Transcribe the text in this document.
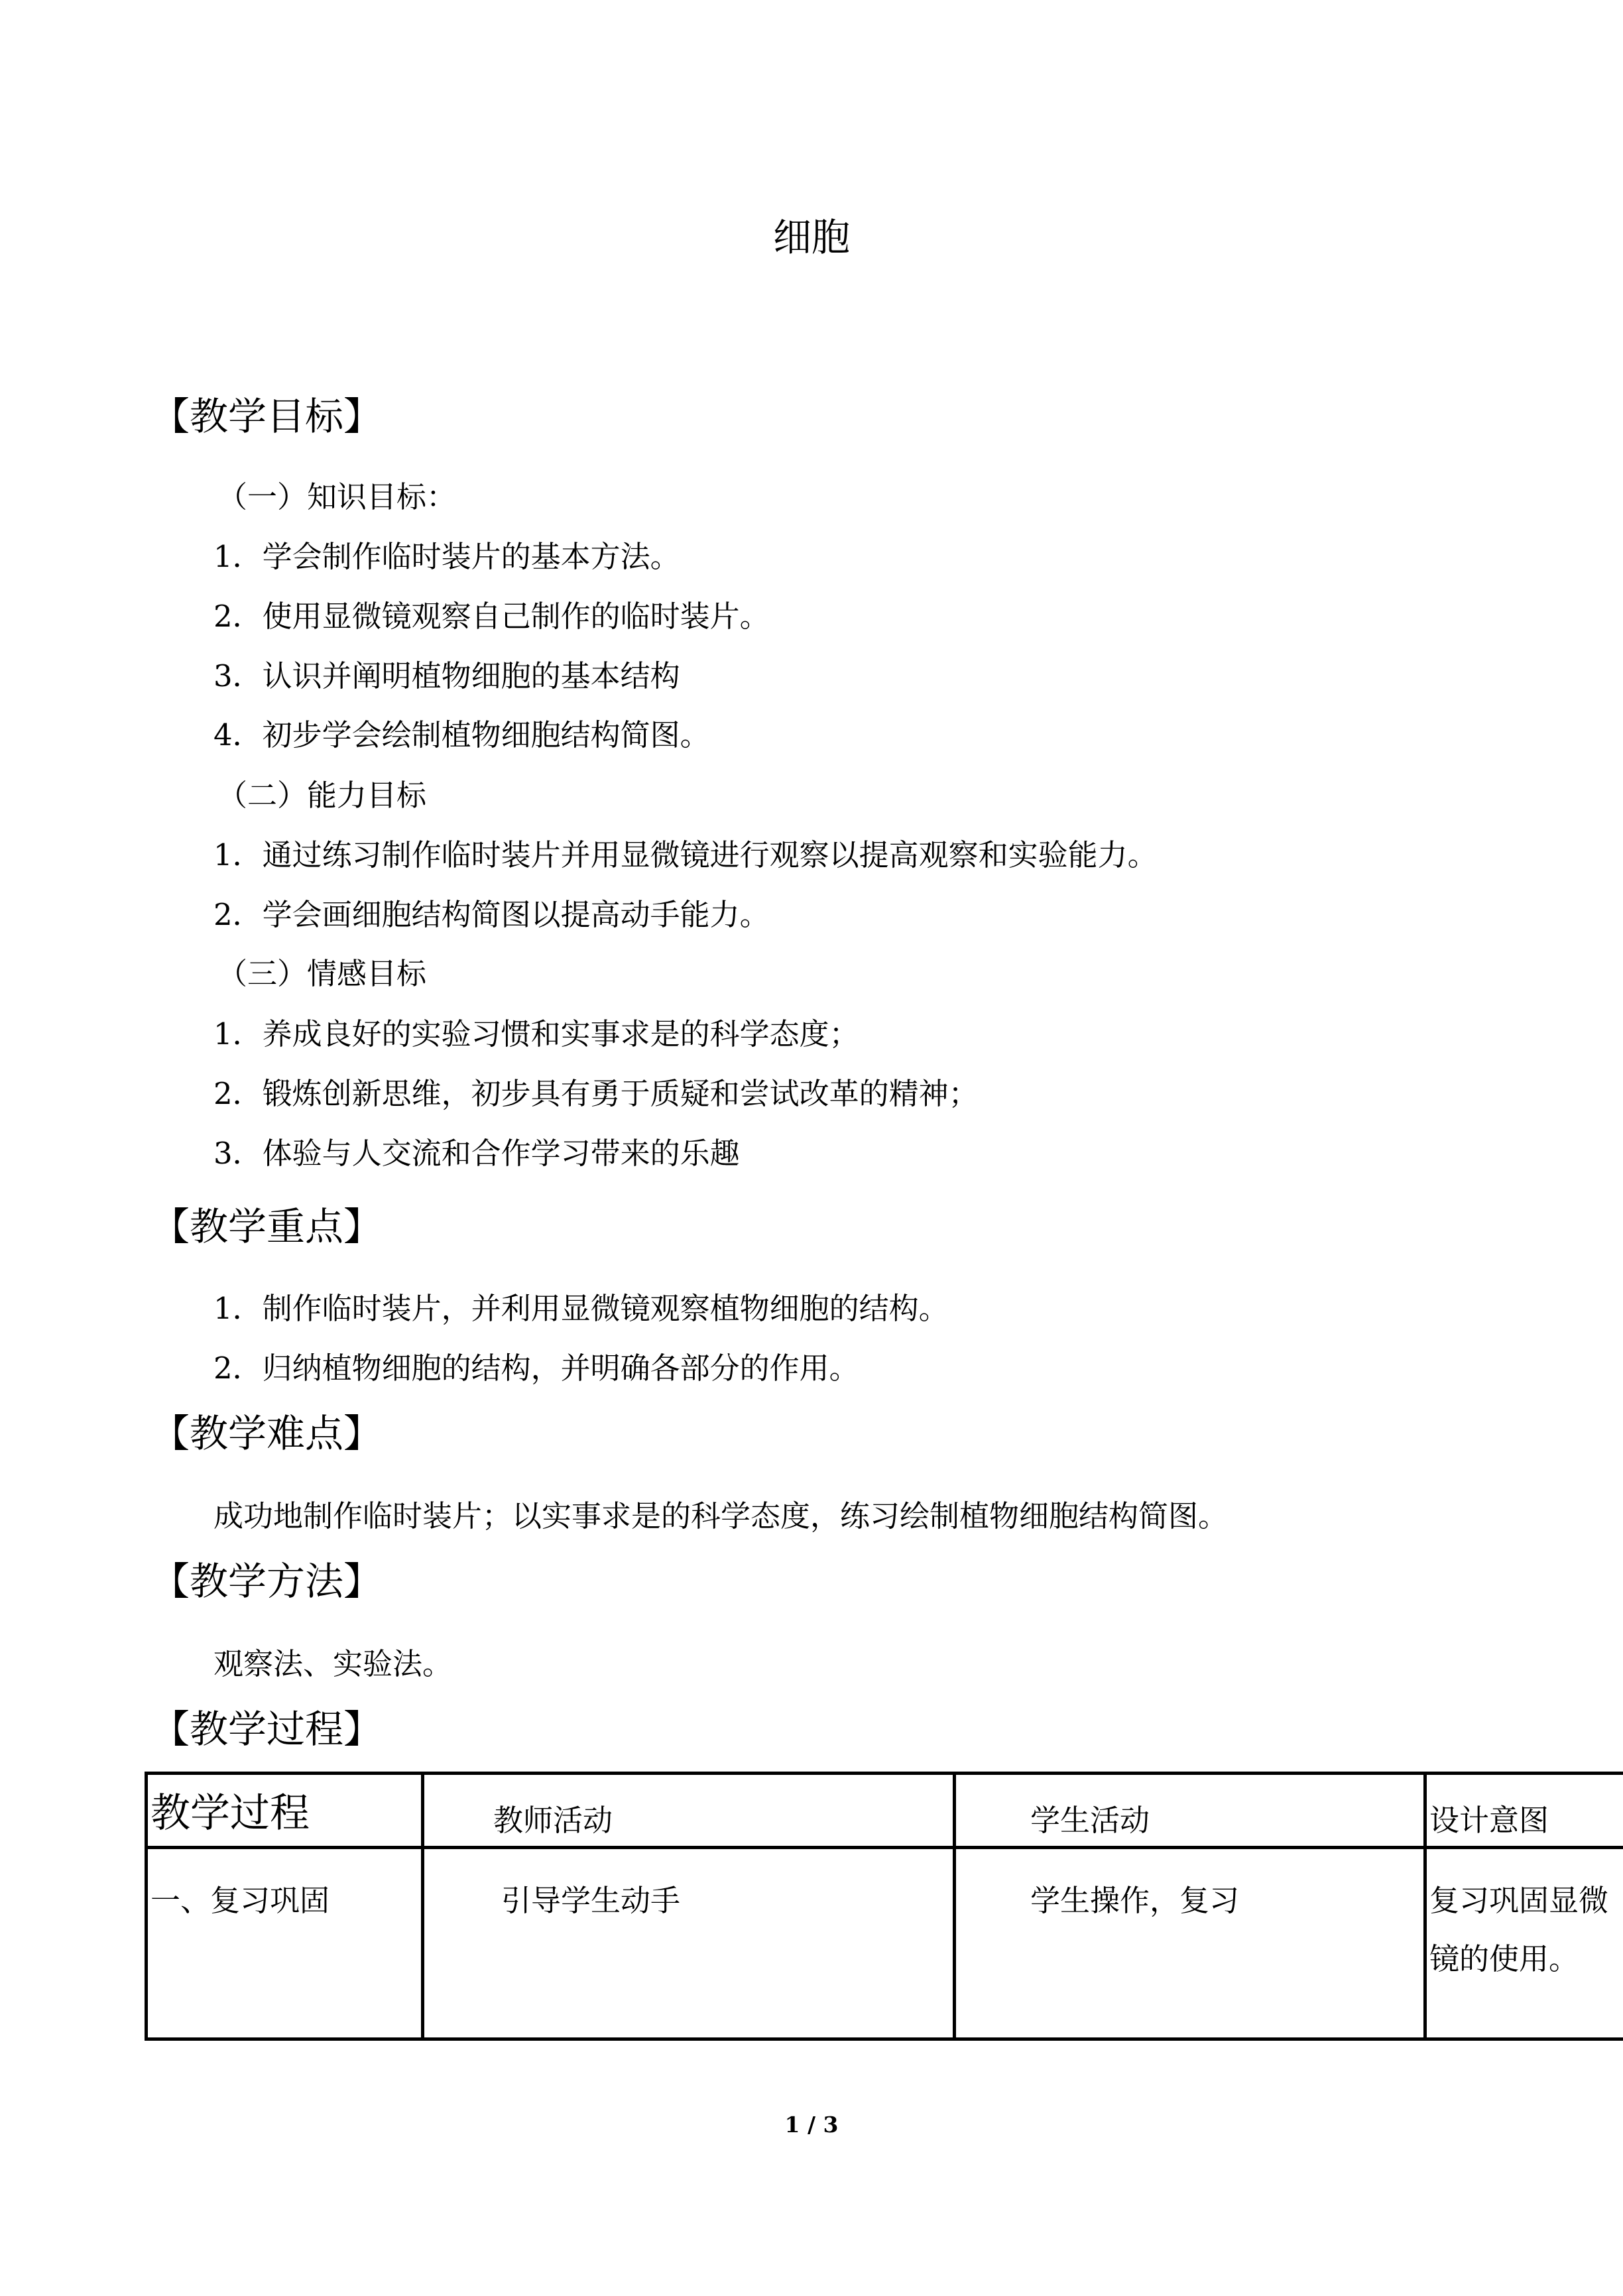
细胞
【教学目标】
（一）知识目标：
1．学会制作临时装片的基本方法。
2．使用显微镜观察自己制作的临时装片。
3．认识并阐明植物细胞的基本结构
4．初步学会绘制植物细胞结构简图。
（二）能力目标
1．通过练习制作临时装片并用显微镜进行观察以提高观察和实验能力。
2．学会画细胞结构简图以提高动手能力。
（三）情感目标
1．养成良好的实验习惯和实事求是的科学态度；
2．锻炼创新思维，初步具有勇于质疑和尝试改革的精神；
3．体验与人交流和合作学习带来的乐趣
【教学重点】
1．制作临时装片，并利用显微镜观察植物细胞的结构。
2．归纳植物细胞的结构，并明确各部分的作用。
【教学难点】
成功地制作临时装片；以实事求是的科学态度，练习绘制植物细胞结构简图。
【教学方法】
观察法、实验法。
【教学过程】
教学过程	教师活动	学生活动	设计意图
一、复习巩固	引导学生动手	学生操作，复习	复习巩固显微
镜的使用。
1 / 3
